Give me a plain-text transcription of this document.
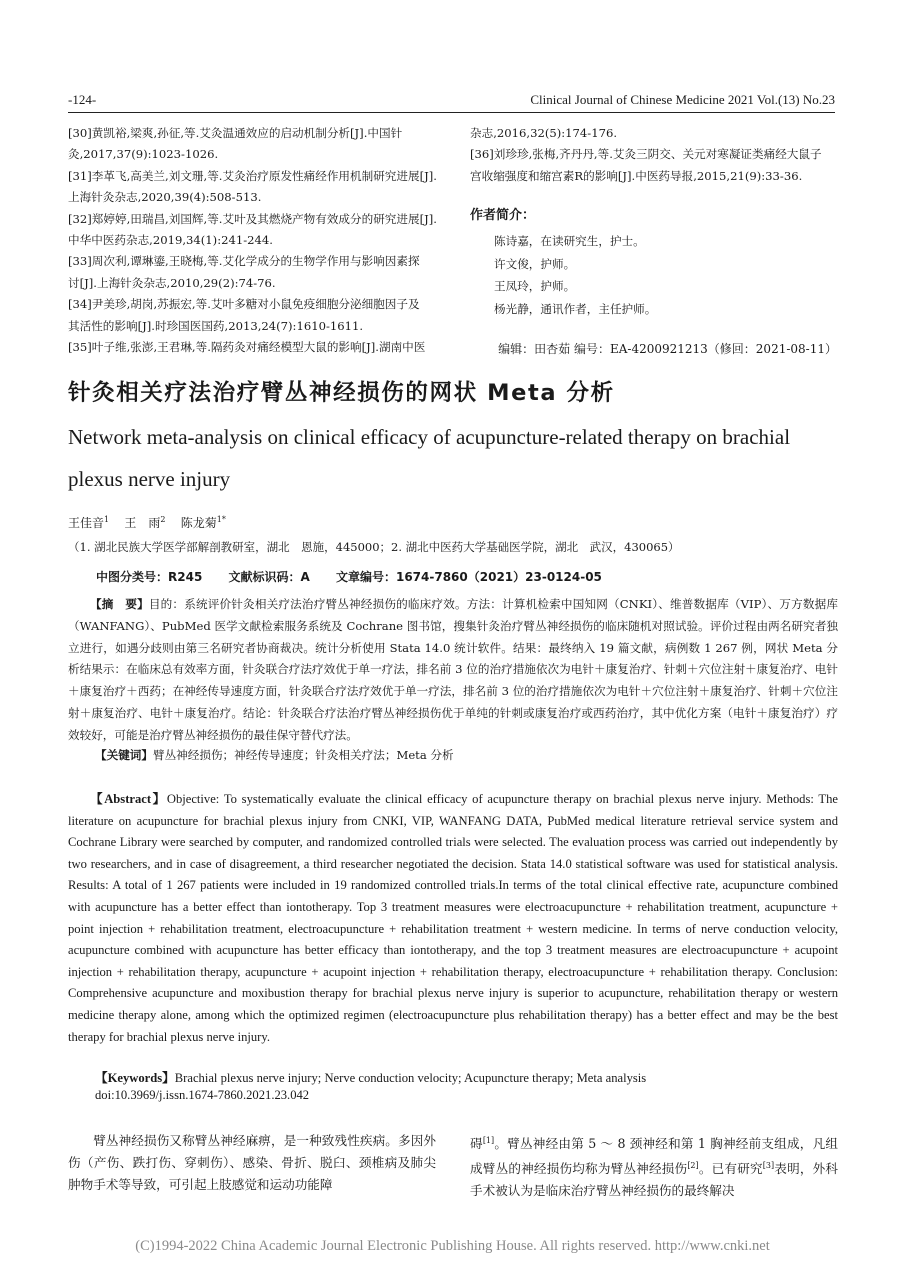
-124-	Clinical Journal of Chinese Medicine 2021 Vol.(13) No.23
[30]黄凯裕,梁爽,孙征,等.艾灸温通效应的启动机制分析[J].中国针
灸,2017,37(9):1023-1026.
[31]李革飞,高美兰,刘文珊,等.艾灸治疗原发性痛经作用机制研究进展[J].
上海针灸杂志,2020,39(4):508-513.
[32]郑婷婷,田瑞昌,刘国辉,等.艾叶及其燃烧产物有效成分的研究进展[J].
中华中医药杂志,2019,34(1):241-244.
[33]周次利,谭琳鎏,王晓梅,等.艾化学成分的生物学作用与影响因素探
讨[J].上海针灸杂志,2010,29(2):74-76.
[34]尹美珍,胡岗,苏振宏,等.艾叶多糖对小鼠免疫细胞分泌细胞因子及
其活性的影响[J].时珍国医国药,2013,24(7):1610-1611.
[35]叶子维,张澎,王君琳,等.隔药灸对痛经模型大鼠的影响[J].湖南中医
杂志,2016,32(5):174-176.
[36]刘珍珍,张梅,齐丹丹,等.艾灸三阴交、关元对寒凝证类痛经大鼠子
宫收缩强度和缩宫素R的影响[J].中医药导报,2015,21(9):33-36.
作者简介：
陈诗嘉，在读研究生，护士。
许文俊，护师。
王凤玲，护师。
杨光静，通讯作者，主任护师。
编辑：田杏茹 编号：EA-4200921213（修回：2021-08-11）
针灸相关疗法治疗臂丛神经损伤的网状 Meta 分析
Network meta-analysis on clinical efficacy of acupuncture-related therapy on brachial plexus nerve injury
王佳音$^1$ 王　雨$^2$ 陈龙菊$^{1*}$
（1. 湖北民族大学医学部解剖教研室，湖北　恩施，445000；2. 湖北中医药大学基础医学院，湖北　武汉，430065）
中图分类号：R245 文献标识码：A 文章编号：1674-7860（2021）23-0124-05
【摘　要】目的：系统评价针灸相关疗法治疗臂丛神经损伤的临床疗效。方法：计算机检索中国知网（CNKI）、维普数据库（VIP）、万方数据库（WANFANG）、PubMed 医学文献检索服务系统及 Cochrane 图书馆，搜集针灸治疗臂丛神经损伤的临床随机对照试验。评价过程由两名研究者独立进行，如遇分歧则由第三名研究者协商裁决。统计分析使用 Stata 14.0 统计软件。结果：最终纳入 19 篇文献，病例数 1 267 例，网状 Meta 分析结果示：在临床总有效率方面，针灸联合疗法疗效优于单一疗法，排名前 3 位的治疗措施依次为电针＋康复治疗、针刺＋穴位注射＋康复治疗、电针＋康复治疗＋西药；在神经传导速度方面，针灸联合疗法疗效优于单一疗法，排名前 3 位的治疗措施依次为电针＋穴位注射＋康复治疗、针刺＋穴位注射＋康复治疗、电针＋康复治疗。结论：针灸联合疗法治疗臂丛神经损伤优于单纯的针刺或康复治疗或西药治疗，其中优化方案（电针＋康复治疗）疗效较好，可能是治疗臂丛神经损伤的最佳保守替代疗法。
【关键词】臂丛神经损伤；神经传导速度；针灸相关疗法；Meta 分析
【Abstract】Objective: To systematically evaluate the clinical efficacy of acupuncture therapy on brachial plexus nerve injury. Methods: The literature on acupuncture for brachial plexus injury from CNKI, VIP, WANFANG DATA, PubMed medical literature retrieval service system and Cochrane Library were searched by computer, and randomized controlled trials were selected. The evaluation process was carried out independently by two researchers, and in case of disagreement, a third researcher negotiated the decision. Stata 14.0 statistical software was used for statistical analysis. Results: A total of 1 267 patients were included in 19 randomized controlled trials.In terms of the total clinical effective rate, acupuncture combined with acupuncture has a better effect than iontotherapy. Top 3 treatment measures were electroacupuncture + rehabilitation treatment, acupuncture + point injection + rehabilitation treatment, electroacupuncture + rehabilitation treatment + western medicine. In terms of nerve conduction velocity, acupuncture combined with acupuncture has better efficacy than iontotherapy, and the top 3 treatment measures are electroacupuncture + acupoint injection + rehabilitation therapy, acupuncture + acupoint injection + rehabilitation therapy, electroacupuncture + rehabilitation therapy. Conclusion: Comprehensive acupuncture and moxibustion therapy for brachial plexus nerve injury is superior to acupuncture, rehabilitation therapy or western medicine therapy alone, among which the optimized regimen (electroacupuncture plus rehabilitation therapy) has a better effect and may be the best therapy for brachial plexus nerve injury.
【Keywords】Brachial plexus nerve injury; Nerve conduction velocity; Acupuncture therapy; Meta analysis
doi:10.3969/j.issn.1674-7860.2021.23.042
臂丛神经损伤又称臂丛神经麻痹，是一种致残性疾病。多因外伤（产伤、跌打伤、穿刺伤）、感染、骨折、脱臼、颈椎病及肺尖肿物手术等导致，可引起上肢感觉和运动功能障
碍[1]。臂丛神经由第 5 ～ 8 颈神经和第 1 胸神经前支组成，凡组成臂丛的神经损伤均称为臂丛神经损伤[2]。已有研究[3]表明，外科手术被认为是临床治疗臂丛神经损伤的最终解决
(C)1994-2022 China Academic Journal Electronic Publishing House. All rights reserved. http://www.cnki.net
